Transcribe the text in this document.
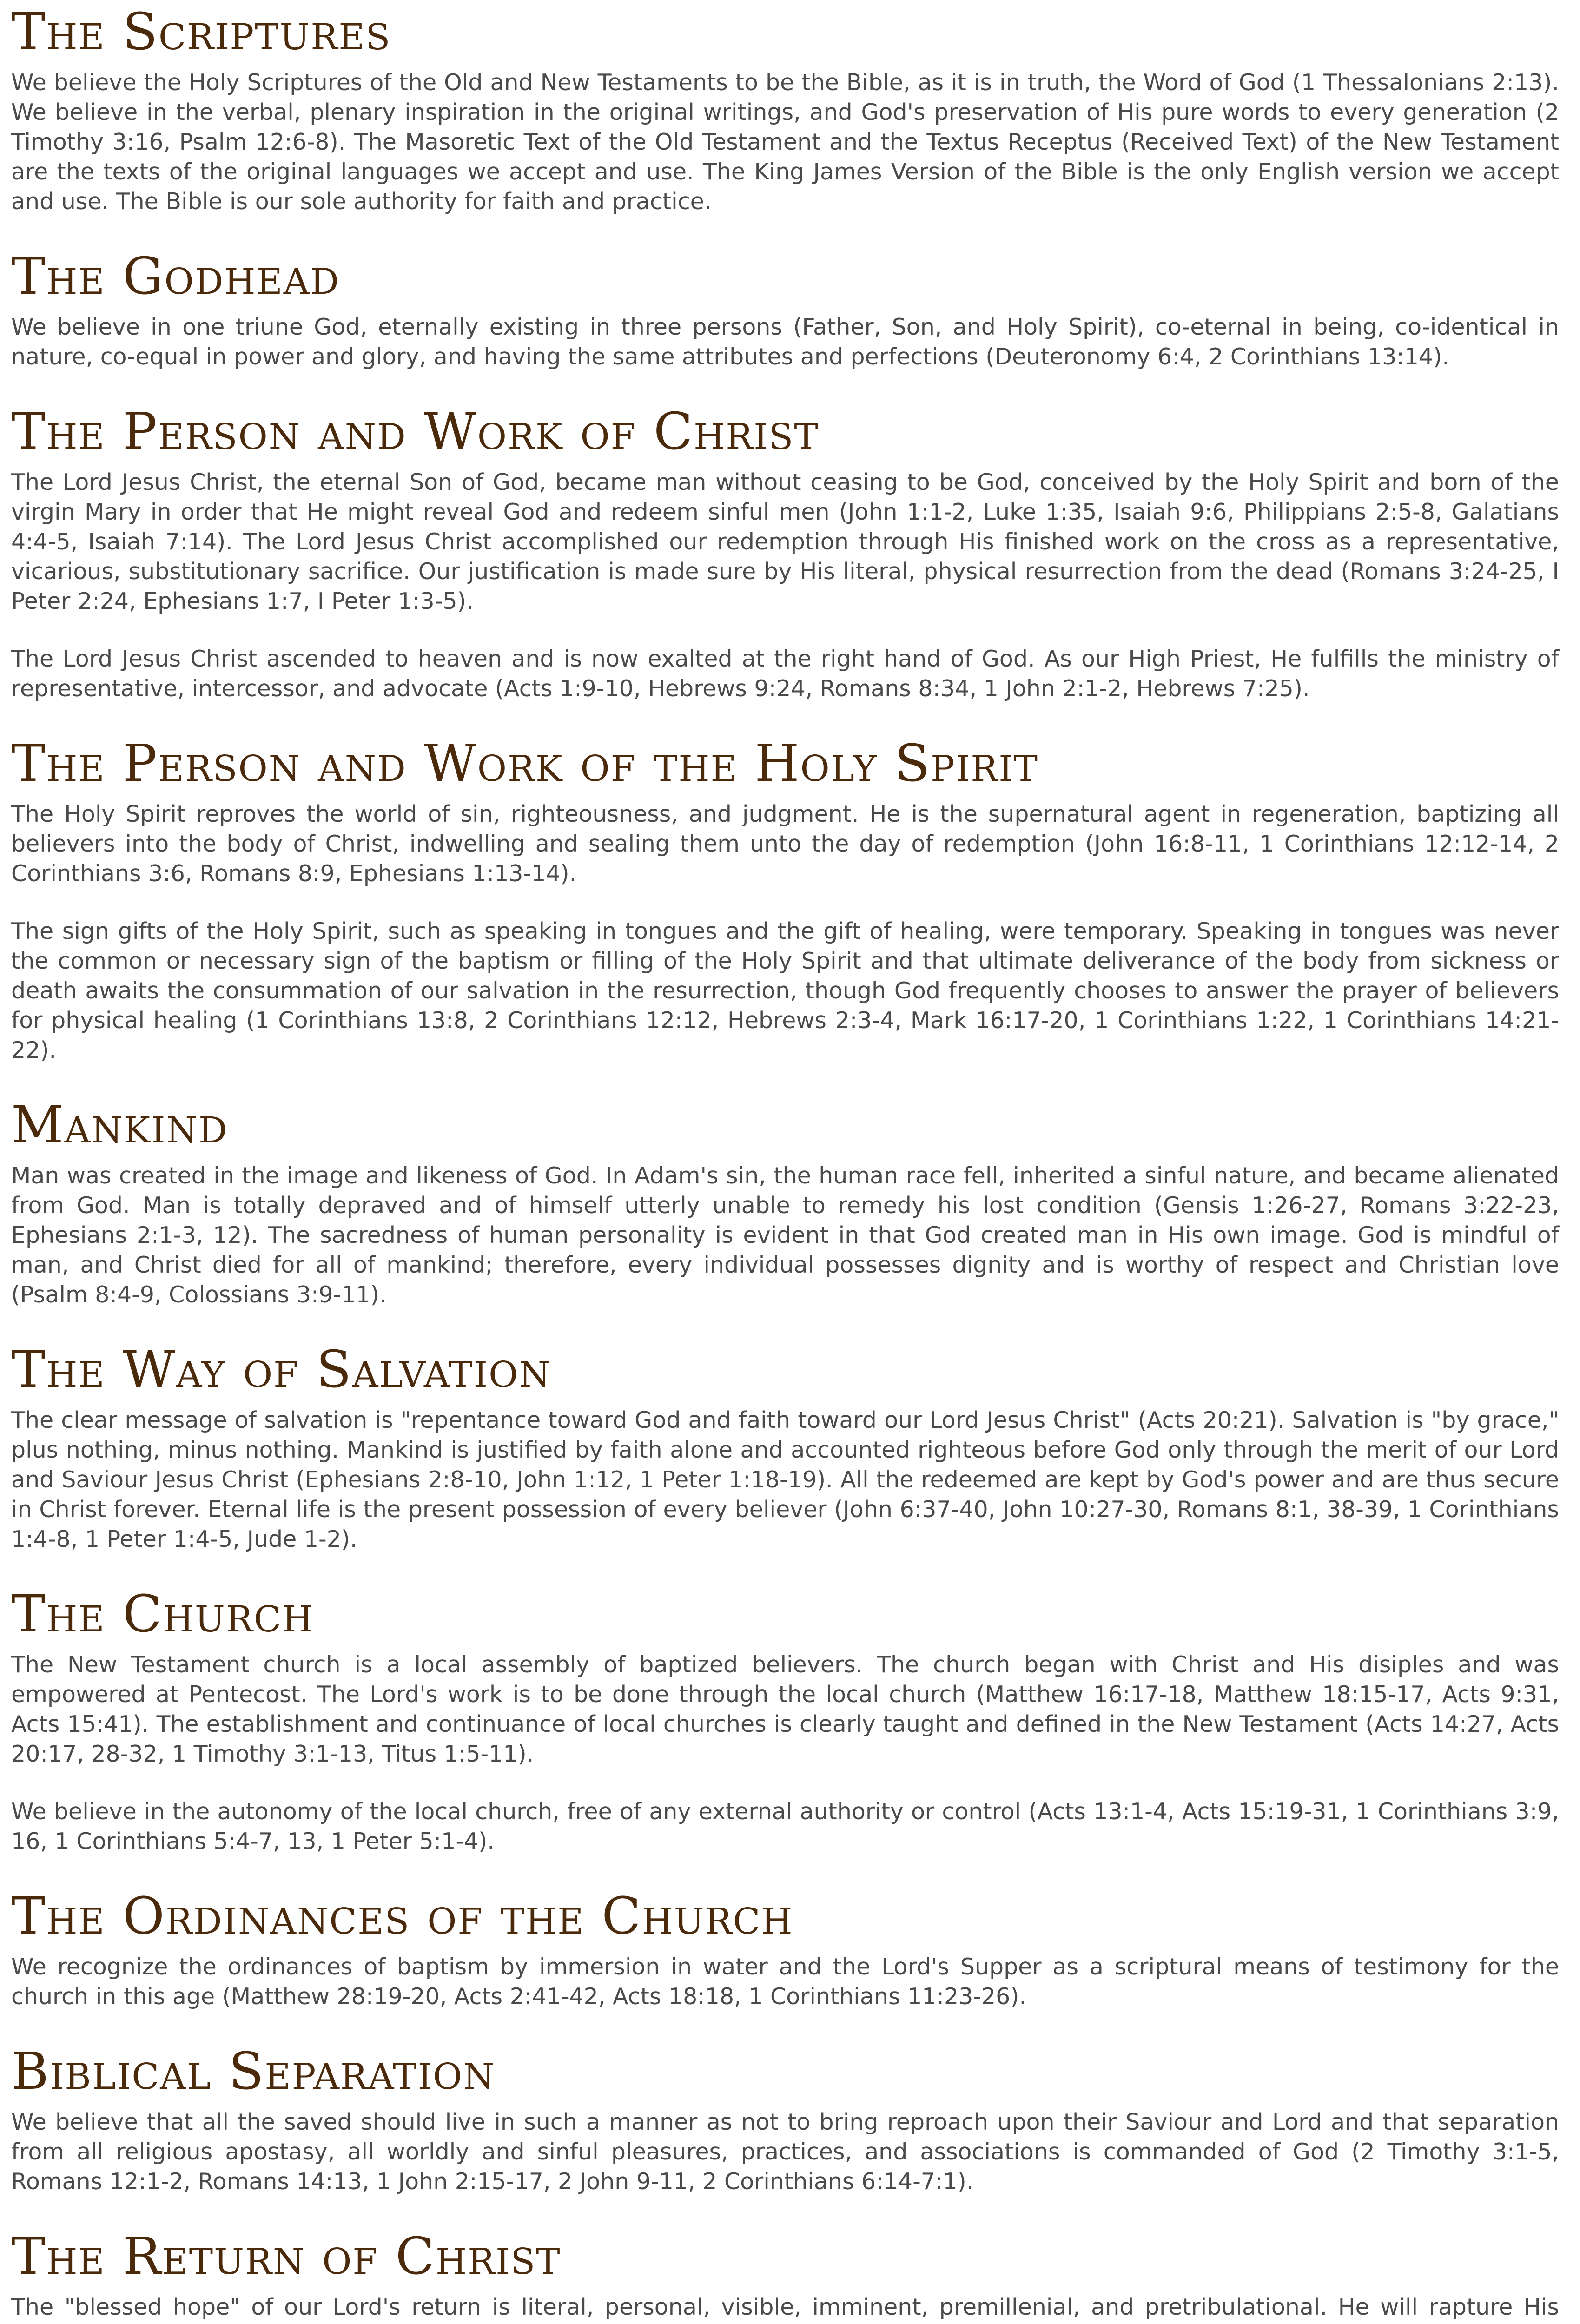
The Scriptures

We believe the Holy Scriptures of the Old and New Testaments to be the Bible, as it is in truth, the Word of God (1 Thessalonians 2:13). We believe in the verbal, plenary inspiration in the original writings, and God's preservation of His pure words to every generation (2 Timothy 3:16, Psalm 12:6-8). The Masoretic Text of the Old Testament and the Textus Receptus (Received Text) of the New Testament are the texts of the original languages we accept and use. The King James Version of the Bible is the only English version we accept and use. The Bible is our sole authority for faith and practice.

The Godhead

We believe in one triune God, eternally existing in three persons (Father, Son, and Holy Spirit), co-eternal in being, co-identical in nature, co-equal in power and glory, and having the same attributes and perfections (Deuteronomy 6:4, 2 Corinthians 13:14).

The Person and Work of Christ

The Lord Jesus Christ, the eternal Son of God, became man without ceasing to be God, conceived by the Holy Spirit and born of the virgin Mary in order that He might reveal God and redeem sinful men (John 1:1-2, Luke 1:35, Isaiah 9:6, Philippians 2:5-8, Galatians 4:4-5, Isaiah 7:14). The Lord Jesus Christ accomplished our redemption through His finished work on the cross as a representative, vicarious, substitutionary sacrifice. Our justification is made sure by His literal, physical resurrection from the dead (Romans 3:24-25, I Peter 2:24, Ephesians 1:7, I Peter 1:3-5).

The Lord Jesus Christ ascended to heaven and is now exalted at the right hand of God. As our High Priest, He fulfills the ministry of representative, intercessor, and advocate (Acts 1:9-10, Hebrews 9:24, Romans 8:34, 1 John 2:1-2, Hebrews 7:25).

The Person and Work of the Holy Spirit

The Holy Spirit reproves the world of sin, righteousness, and judgment. He is the supernatural agent in regeneration, baptizing all believers into the body of Christ, indwelling and sealing them unto the day of redemption (John 16:8-11, 1 Corinthians 12:12-14, 2 Corinthians 3:6, Romans 8:9, Ephesians 1:13-14).

The sign gifts of the Holy Spirit, such as speaking in tongues and the gift of healing, were temporary. Speaking in tongues was never the common or necessary sign of the baptism or filling of the Holy Spirit and that ultimate deliverance of the body from sickness or death awaits the consummation of our salvation in the resurrection, though God frequently chooses to answer the prayer of believers for physical healing (1 Corinthians 13:8, 2 Corinthians 12:12, Hebrews 2:3-4, Mark 16:17-20, 1 Corinthians 1:22, 1 Corinthians 14:21-22).

Mankind

Man was created in the image and likeness of God. In Adam's sin, the human race fell, inherited a sinful nature, and became alienated from God. Man is totally depraved and of himself utterly unable to remedy his lost condition (Gensis 1:26-27, Romans 3:22-23, Ephesians 2:1-3, 12). The sacredness of human personality is evident in that God created man in His own image. God is mindful of man, and Christ died for all of mankind; therefore, every individual possesses dignity and is worthy of respect and Christian love (Psalm 8:4-9, Colossians 3:9-11).

The Way of Salvation

The clear message of salvation is "repentance toward God and faith toward our Lord Jesus Christ" (Acts 20:21). Salvation is "by grace," plus nothing, minus nothing. Mankind is justified by faith alone and accounted righteous before God only through the merit of our Lord and Saviour Jesus Christ (Ephesians 2:8-10, John 1:12, 1 Peter 1:18-19). All the redeemed are kept by God's power and are thus secure in Christ forever. Eternal life is the present possession of every believer (John 6:37-40, John 10:27-30, Romans 8:1, 38-39, 1 Corinthians 1:4-8, 1 Peter 1:4-5, Jude 1-2).

The Church

The New Testament church is a local assembly of baptized believers. The church began with Christ and His disiples and was empowered at Pentecost. The Lord's work is to be done through the local church (Matthew 16:17-18, Matthew 18:15-17, Acts 9:31, Acts 15:41). The establishment and continuance of local churches is clearly taught and defined in the New Testament (Acts 14:27, Acts 20:17, 28-32, 1 Timothy 3:1-13, Titus 1:5-11).

We believe in the autonomy of the local church, free of any external authority or control (Acts 13:1-4, Acts 15:19-31, 1 Corinthians 3:9, 16, 1 Corinthians 5:4-7, 13, 1 Peter 5:1-4).

The Ordinances of the Church

We recognize the ordinances of baptism by immersion in water and the Lord's Supper as a scriptural means of testimony for the church in this age (Matthew 28:19-20, Acts 2:41-42, Acts 18:18, 1 Corinthians 11:23-26).

Biblical Separation

We believe that all the saved should live in such a manner as not to bring reproach upon their Saviour and Lord and that separation from all religious apostasy, all worldly and sinful pleasures, practices, and associations is commanded of God (2 Timothy 3:1-5, Romans 12:1-2, Romans 14:13, 1 John 2:15-17, 2 John 9-11, 2 Corinthians 6:14-7:1).

The Return of Christ

The "blessed hope" of our Lord's return is literal, personal, visible, imminent, premillenial, and pretribulational. He will rapture His
